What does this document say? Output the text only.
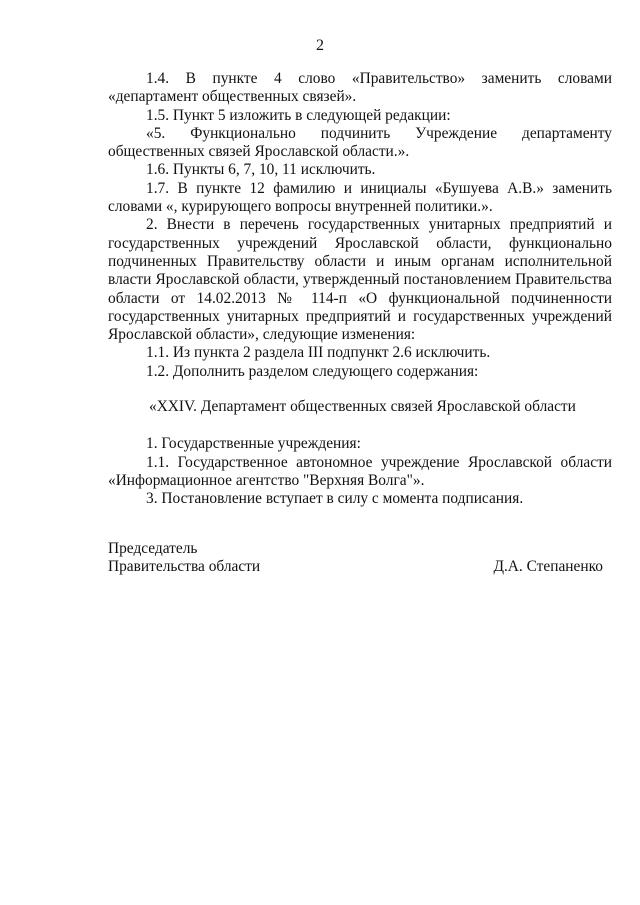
2

1.4. В пункте 4 слово «Правительство» заменить словами «департамент общественных связей».

1.5. Пункт 5 изложить в следующей редакции:

«5. Функционально подчинить Учреждение департаменту общественных связей Ярославской области.».

1.6. Пункты 6, 7, 10, 11 исключить.

1.7. В пункте 12 фамилию и инициалы «Бушуева А.В.» заменить словами «, курирующего вопросы внутренней политики.».

2. Внести в перечень государственных унитарных предприятий и государственных учреждений Ярославской области, функционально подчиненных Правительству области и иным органам исполнительной власти Ярославской области, утвержденный постановлением Правительства области от 14.02.2013 № 114-п «О функциональной подчиненности государственных унитарных предприятий и государственных учреждений Ярославской области», следующие изменения:

1.1. Из пункта 2 раздела III подпункт 2.6 исключить.

1.2. Дополнить разделом следующего содержания:

«XXIV. Департамент общественных связей Ярославской области

1. Государственные учреждения:

1.1. Государственное автономное учреждение Ярославской области «Информационное агентство "Верхняя Волга"».

3. Постановление вступает в силу с момента подписания.

Председатель
Правительства области	Д.А. Степаненко
